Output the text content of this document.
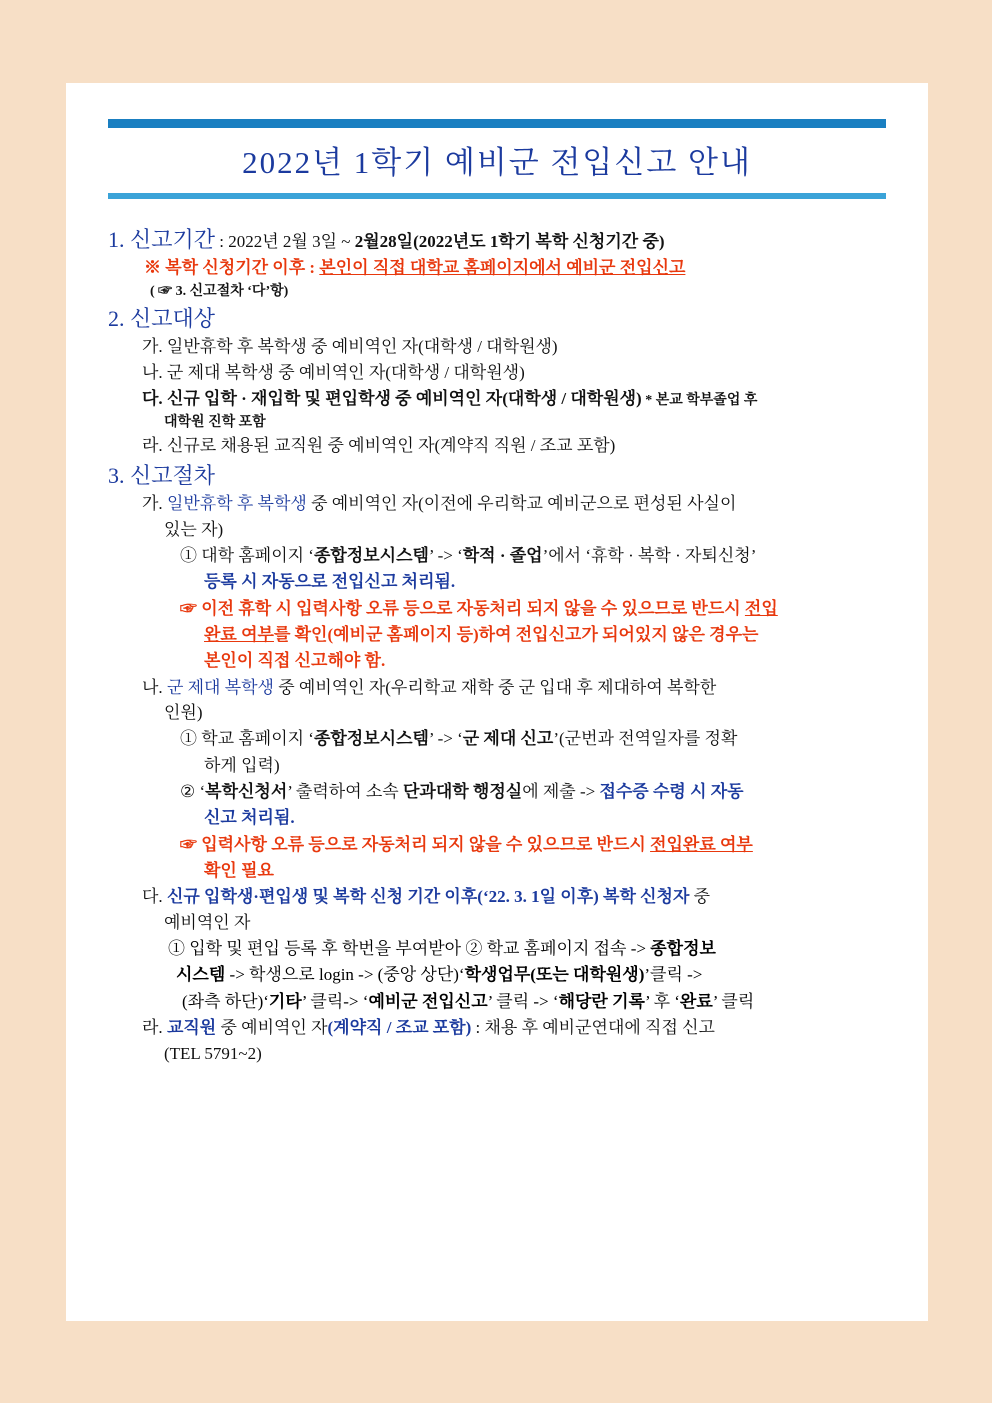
2022년 1학기 예비군 전입신고 안내
1. 신고기간 : 2022년 2월 3일 ~ 2월28일(2022년도 1학기 복학 신청기간 중)
※ 복학 신청기간 이후 : 본인이 직접 대학교 홈페이지에서 예비군 전입신고
( ☞ 3. 신고절차 ‘다’항)
2. 신고대상
가. 일반휴학 후 복학생 중 예비역인 자(대학생 / 대학원생)
나. 군 제대 복학생 중 예비역인 자(대학생 / 대학원생)
다. 신규 입학 · 재입학 및 편입학생 중 예비역인 자(대학생 / 대학원생) * 본교 학부졸업 후
대학원 진학 포함
라. 신규로 채용된 교직원 중 예비역인 자(계약직 직원 / 조교 포함)
3. 신고절차
가. 일반휴학 후 복학생 중 예비역인 자(이전에 우리학교 예비군으로 편성된 사실이
있는 자)
① 대학 홈페이지 ‘종합정보시스템’ -> ‘학적 · 졸업’에서 ‘휴학 · 복학 · 자퇴신청’
등록 시 자동으로 전입신고 처리됨.
☞ 이전 휴학 시 입력사항 오류 등으로 자동처리 되지 않을 수 있으므로 반드시 전입
완료 여부를 확인(예비군 홈페이지 등)하여 전입신고가 되어있지 않은 경우는
본인이 직접 신고해야 함.
나. 군 제대 복학생 중 예비역인 자(우리학교 재학 중 군 입대 후 제대하여 복학한
인원)
① 학교 홈페이지 ‘종합정보시스템’ -> ‘군 제대 신고’(군번과 전역일자를 정확
하게 입력)
② ‘복학신청서’ 출력하여 소속 단과대학 행정실에 제출 -> 접수증 수령 시 자동
신고 처리됨.
☞ 입력사항 오류 등으로 자동처리 되지 않을 수 있으므로 반드시 전입완료 여부
확인 필요
다. 신규 입학생·편입생 및 복학 신청 기간 이후(‘22. 3. 1일 이후) 복학 신청자 중
예비역인 자
① 입학 및 편입 등록 후 학번을 부여받아 ② 학교 홈페이지 접속 -> 종합정보
시스템 -> 학생으로 login -> (중앙 상단)‘학생업무(또는 대학원생)’클릭 ->
(좌측 하단)‘기타’ 클릭-> ‘예비군 전입신고’ 클릭 -> ‘해당란 기록’ 후 ‘완료’ 클릭
라. 교직원 중 예비역인 자(계약직 / 조교 포함) : 채용 후 예비군연대에 직접 신고
(TEL 5791~2)
